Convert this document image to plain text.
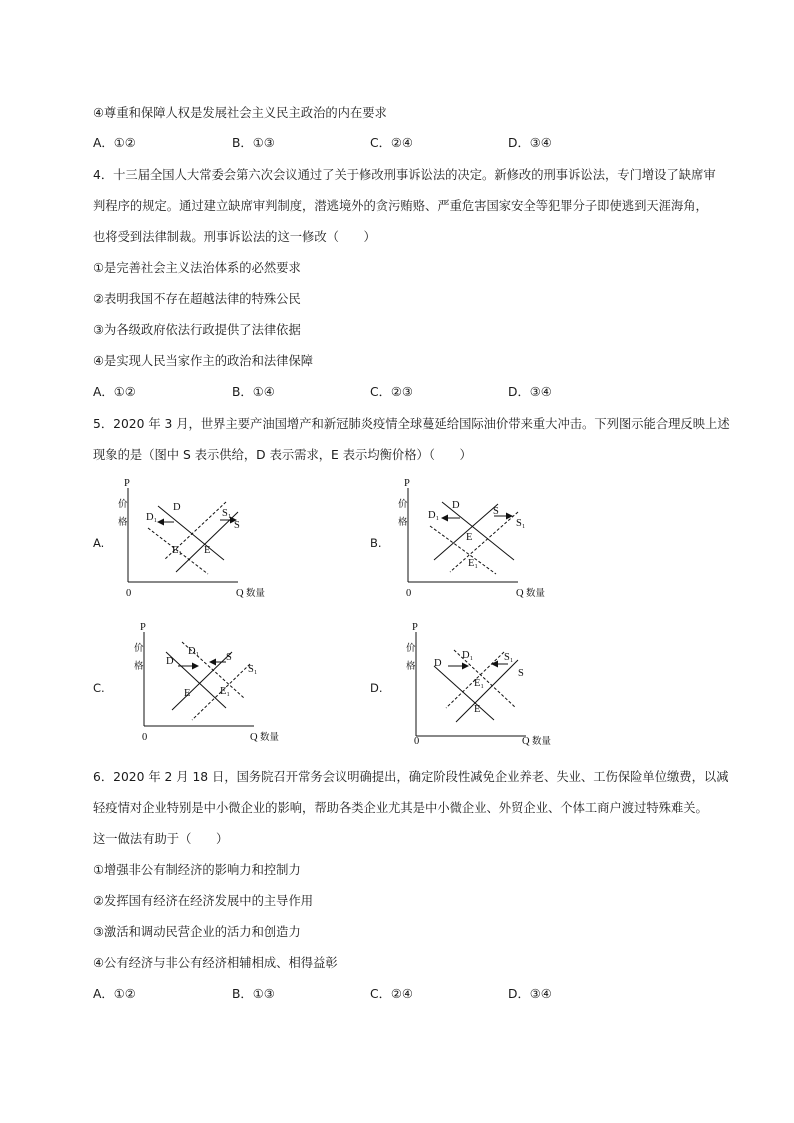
④尊重和保障人权是发展社会主义民主政治的内在要求
A．①②	B．①③	C．②④	D．③④
4．十三届全国人大常委会第六次会议通过了关于修改刑事诉讼法的决定。新修改的刑事诉讼法，专门增设了缺席审
判程序的规定。通过建立缺席审判制度，潜逃境外的贪污贿赂、严重危害国家安全等犯罪分子即使逃到天涯海角，
也将受到法律制裁。刑事诉讼法的这一修改（　　）
①是完善社会主义法治体系的必然要求
②表明我国不存在超越法律的特殊公民
③为各级政府依法行政提供了法律依据
④是实现人民当家作主的政治和法律保障
A．①②	B．①④	C．②③	D．③④
5．2020 年 3 月，世界主要产油国增产和新冠肺炎疫情全球蔓延给国际油价带来重大冲击。下列图示能合理反映上述
现象的是（图中 S 表示供给，D 表示需求，E 表示均衡价格）（　　）
A.
P
价
格
0	Q 数量
D
D₁
S
S₁
E
E₁
B.
P
价
格
0	Q 数量
D
D₁	S
S₁
E
E₁
C.
P
价
格
0	Q 数量
D
D₁
S
S₁
E	E₁	D.
P
价
格
0	Q 数量
D
D₁
S
S₁
E
E₁
6．2020 年 2 月 18 日，国务院召开常务会议明确提出，确定阶段性减免企业养老、失业、工伤保险单位缴费，以减
轻疫情对企业特别是中小微企业的影响，帮助各类企业尤其是中小微企业、外贸企业、个体工商户渡过特殊难关。
这一做法有助于（　　）
①增强非公有制经济的影响力和控制力
②发挥国有经济在经济发展中的主导作用
③激活和调动民营企业的活力和创造力
④公有经济与非公有经济相辅相成、相得益彰
A．①②	B．①③	C．②④	D．③④
